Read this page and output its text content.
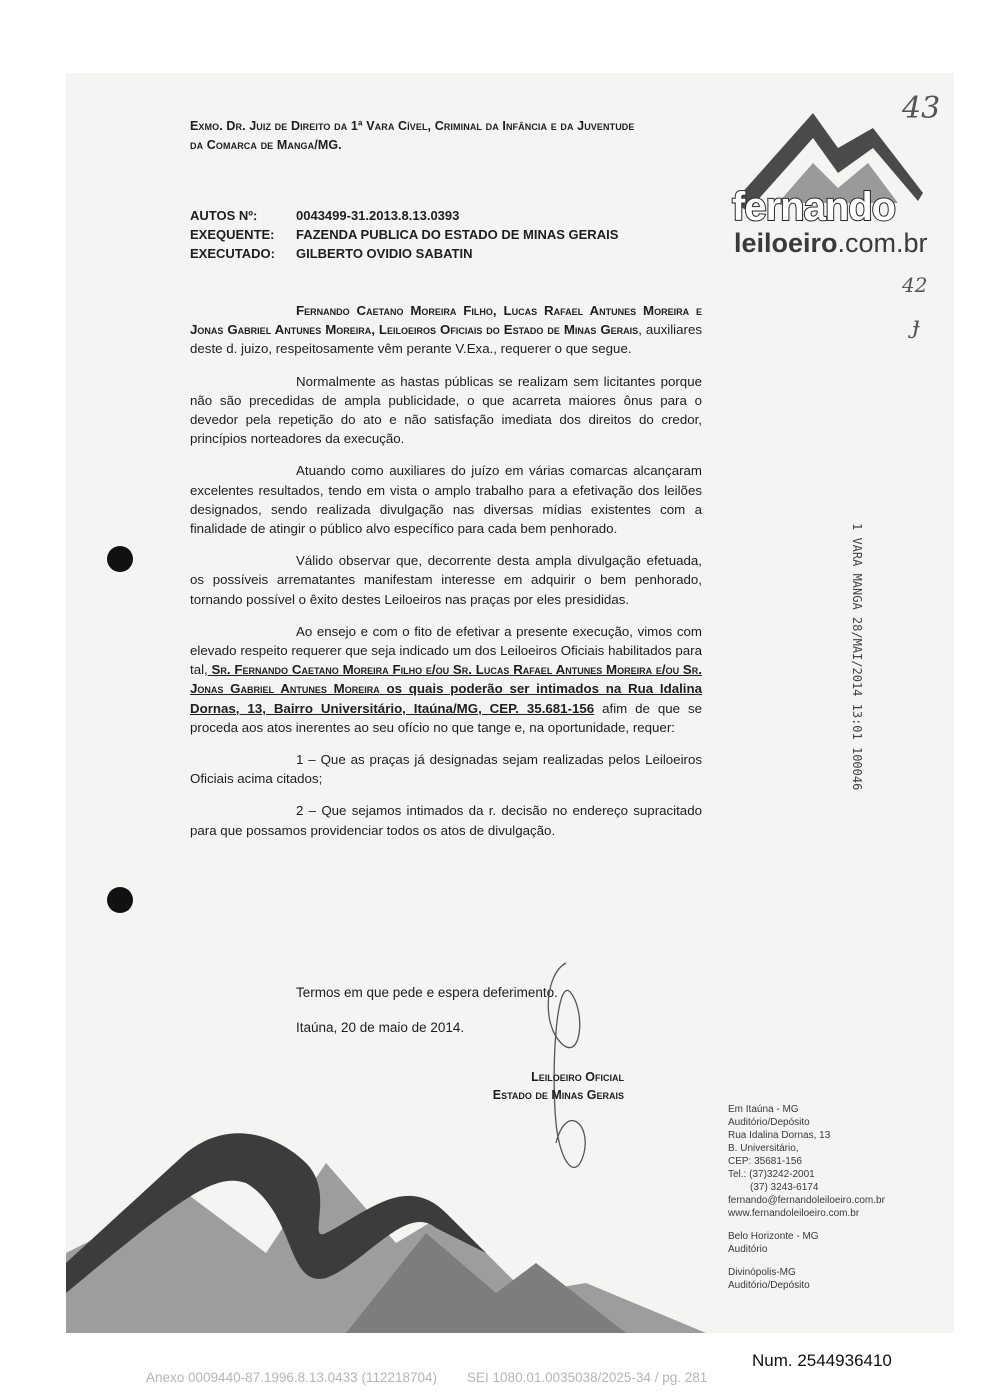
Exmo. Dr. Juiz de Direito da 1ª Vara Cível, Criminal da Infância e da Juventude
da Comarca de Manga/MG.
AUTOS Nº:	0043499-31.2013.8.13.0393
EXEQUENTE:	FAZENDA PUBLICA DO ESTADO DE MINAS GERAIS
EXECUTADO:	GILBERTO OVIDIO SABATIN

Fernando Caetano Moreira Filho, Lucas Rafael Antunes Moreira e Jonas Gabriel Antunes Moreira, Leiloeiros Oficiais do Estado de Minas Gerais, auxiliares deste d. juizo, respeitosamente vêm perante V.Exa., requerer o que segue.

Normalmente as hastas públicas se realizam sem licitantes porque não são precedidas de ampla publicidade, o que acarreta maiores ônus para o devedor pela repetição do ato e não satisfação imediata dos direitos do credor, princípios norteadores da execução.

Atuando como auxiliares do juízo em várias comarcas alcançaram excelentes resultados, tendo em vista o amplo trabalho para a efetivação dos leilões designados, sendo realizada divulgação nas diversas mídias existentes com a finalidade de atingir o público alvo específico para cada bem penhorado.

Válido observar que, decorrente desta ampla divulgação efetuada, os possíveis arrematantes manifestam interesse em adquirir o bem penhorado, tornando possível o êxito destes Leiloeiros nas praças por eles presididas.

Ao ensejo e com o fito de efetivar a presente execução, vimos com elevado respeito requerer que seja indicado um dos Leiloeiros Oficiais habilitados para tal, Sr. Fernando Caetano Moreira Filho e/ou Sr. Lucas Rafael Antunes Moreira e/ou Sr. Jonas Gabriel Antunes Moreira os quais poderão ser intimados na Rua Idalina Dornas, 13, Bairro Universitário, Itaúna/MG, CEP. 35.681-156 afim de que se proceda aos atos inerentes ao seu ofício no que tange e, na oportunidade, requer:

1 – Que as praças já designadas sejam realizadas pelos Leiloeiros Oficiais acima citados;

2 – Que sejamos intimados da r. decisão no endereço supracitado para que possamos providenciar todos os atos de divulgação.

Termos em que pede e espera deferimento.
Itaúna, 20 de maio de 2014.
Leiloeiro Oficial
Estado de Minas Gerais
fernando
leiloeiro.com.br
43
42
ɟ
1 VARA MANGA 28/MAI/2014 13:01 100046
Em Itaúna - MG
Auditório/Depósito
Rua Idalina Dornas, 13
B. Universitário,
CEP: 35681-156
Tel.: (37)3242-2001
(37) 3243-6174
fernando@fernandoleiloeiro.com.br
www.fernandoleiloeiro.com.br
Belo Horizonte - MG
Auditório
Divinópolis-MG
Auditório/Depósito
Num. 2544936410
Anexo 0009440-87.1996.8.13.0433 (112218704) SEI 1080.01.0035038/2025-34 / pg. 281
